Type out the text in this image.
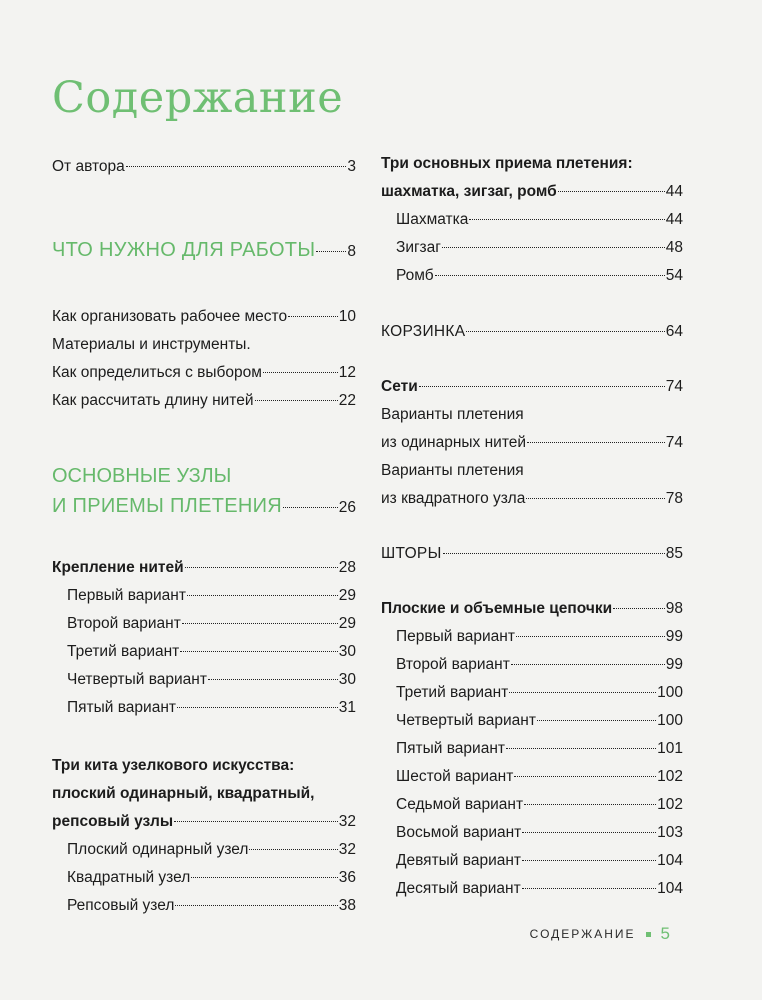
Содержание
От автора	3
ЧТО НУЖНО ДЛЯ РАБОТЫ 8
Как организовать рабочее место	10
Материалы и инструменты.
Как определиться с выбором	12
Как рассчитать длину нитей	22
ОСНОВНЫЕ УЗЛЫ
И ПРИЕМЫ ПЛЕТЕНИЯ	26
Крепление нитей	28
Первый вариант	29
Второй вариант	29
Третий вариант	30
Четвертый вариант	30
Пятый вариант	31
Три кита узелкового искусства:
плоский одинарный, квадратный,
репсовый узлы	32
Плоский одинарный узел	32
Квадратный узел	36
Репсовый узел	38
Три основных приема плетения:
шахматка, зигзаг, ромб	44
Шахматка	44
Зигзаг	48
Ромб	54
КОРЗИНКА	64
Сети	74
Варианты плетения
из одинарных нитей	74
Варианты плетения
из квадратного узла	78
ШТОРЫ	85
Плоские и объемные цепочки	98
Первый вариант	99
Второй вариант	99
Третий вариант	100
Четвертый вариант	100
Пятый вариант	101
Шестой вариант	102
Седьмой вариант	102
Восьмой вариант	103
Девятый вариант	104
Десятый вариант	104
СОДЕРЖАНИЕ 5
